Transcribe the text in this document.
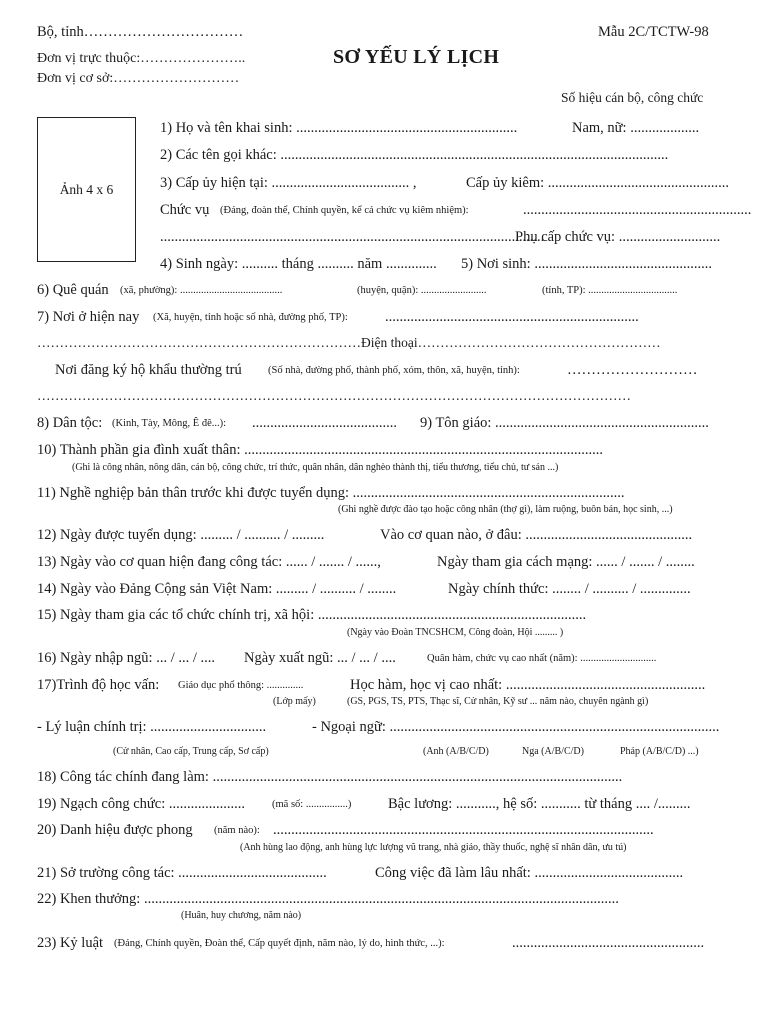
Bộ, tỉnh……………………………	Mẫu 2C/TCTW-98
Đơn vị trực thuộc:…………………..	SƠ YẾU LÝ LỊCH
Đơn vị cơ sở:………………………
Số hiệu cán bộ, công chức
Ảnh 4 x 6
1) Họ và tên khai sinh: .............................................................	Nam, nữ: ...................
2) Các tên gọi khác: ...........................................................................................................
3) Cấp ủy hiện tại: ...................................... ,	Cấp ủy kiêm: ..................................................
Chức vụ (Đảng, đoàn thể, Chính quyền, kể cả chức vụ kiêm nhiệm):	...............................................................
..........................................................................................................
Phụ cấp chức vụ: ............................
4) Sinh ngày: .......... tháng .......... năm .............. 5) Nơi sinh: .................................................
6) Quê quán (xã, phường): .......................................	(huyện, quận): .........................	(tỉnh, TP): ..................................
7) Nơi ở hiện nay (Xã, huyện, tỉnh hoặc số nhà, đường phố, TP):	......................................................................
………………………………………………………………Điện thoại………………………………………………
Nơi đăng ký hộ khẩu thường trú	(Số nhà, đường phố, thành phố, xóm, thôn, xã, huyện, tỉnh):	………………………
……………………………………………………………………………………………………………………
8) Dân tộc: (Kinh, Tày, Mông, Ê đê...): ........................................ 9) Tôn giáo: ...........................................................
10) Thành phần gia đình xuất thân: ...................................................................................................
(Ghi là công nhân, nông dân, cán bộ, công chức, trí thức, quân nhân, dân nghèo thành thị, tiểu thương, tiểu chủ, tư sản ...)
11) Nghề nghiệp bản thân trước khi được tuyển dụng: ...........................................................................
(Ghi nghề được đào tạo hoặc công nhân (thợ gì), làm ruộng, buôn bán, học sinh, ...)
12) Ngày được tuyển dụng: ......... / .......... / .........	Vào cơ quan nào, ở đâu: ..............................................
13) Ngày vào cơ quan hiện đang công tác: ...... / ....... / ......,	Ngày tham gia cách mạng: ...... / ....... / ........
14) Ngày vào Đảng Cộng sản Việt Nam: ......... / .......... / ........	Ngày chính thức: ........ / .......... / ..............
15) Ngày tham gia các tổ chức chính trị, xã hội: ..........................................................................
(Ngày vào Đoàn TNCSHCM, Công đoàn, Hội ......... )
16) Ngày nhập ngũ: ... / ... / .... Ngày xuất ngũ: ... / ... / ....	Quân hàm, chức vụ cao nhất (năm): .............................
17)Trình độ học vấn: Giáo dục phổ thông: ..............	Học hàm, học vị cao nhất: .......................................................
(Lớp mấy)	(GS, PGS, TS, PTS, Thạc sĩ, Cử nhân, Kỹ sư ... năm nào, chuyên ngành gì)
- Lý luận chính trị: ................................	- Ngoại ngữ: ...........................................................................................
(Cử nhân, Cao cấp, Trung cấp, Sơ cấp)	(Anh (A/B/C/D)	Nga (A/B/C/D)	Pháp (A/B/C/D) ...)
18) Công tác chính đang làm: .................................................................................................................
19) Ngạch công chức: .....................	(mã số: ................)	Bậc lương: ..........., hệ số: ........... từ tháng .... /.........
20) Danh hiệu được phong (năm nào): .........................................................................................................
(Anh hùng lao động, anh hùng lực lượng vũ trang, nhà giáo, thầy thuốc, nghệ sĩ nhân dân, ưu tú)
21) Sở trường công tác: .........................................	Công việc đã làm lâu nhất: .........................................
22) Khen thưởng: ...................................................................................................................................
(Huân, huy chương, năm nào)
23) Kỷ luật (Đảng, Chính quyền, Đoàn thể, Cấp quyết định, năm nào, lý do, hình thức, ...):	.....................................................
